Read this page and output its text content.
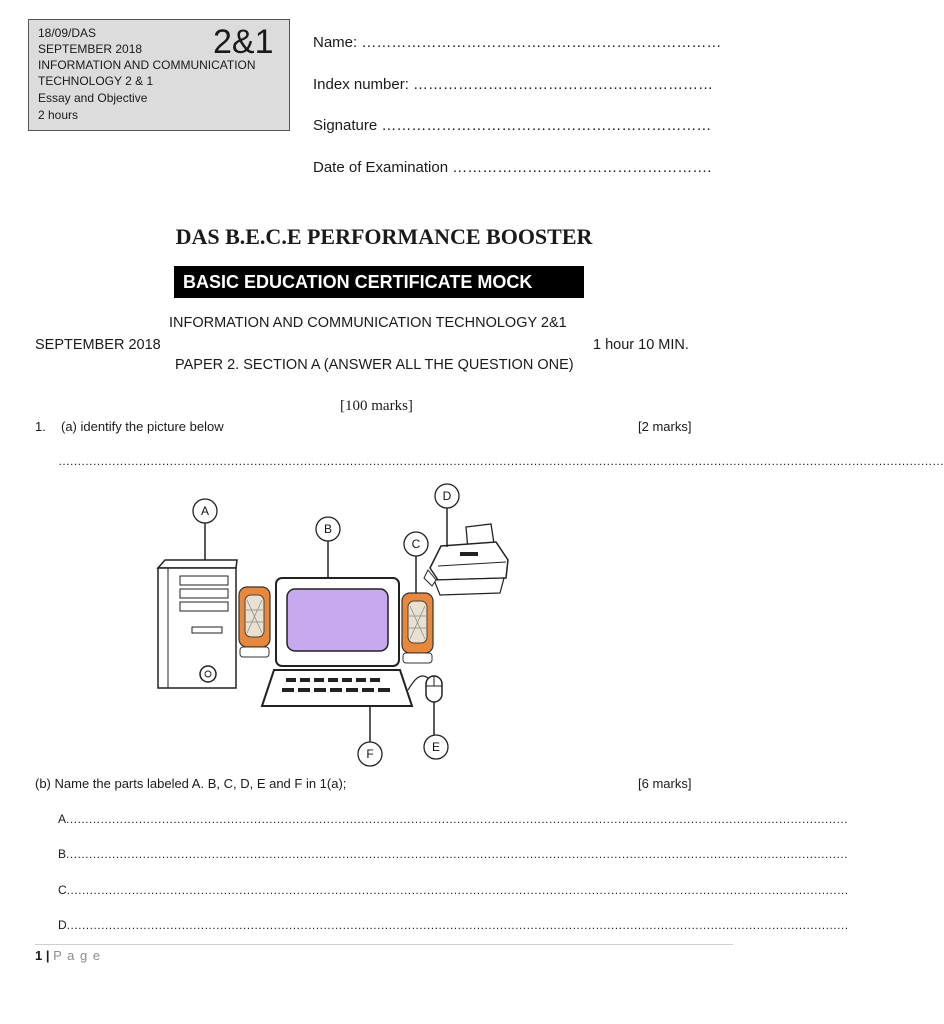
18/09/DAS
SEPTEMBER 2018
INFORMATION AND COMMUNICATION
TECHNOLOGY 2 & 1
Essay and Objective
2 hours
2&1	Name: ………………………………………………………………
Index number: ……………………………………………………
Signature …………………………………………………………
Date of Examination …………………………………………….
DAS B.E.C.E PERFORMANCE BOOSTER
BASIC EDUCATION CERTIFICATE MOCK
INFORMATION AND COMMUNICATION TECHNOLOGY 2&1
SEPTEMBER 2018	1 hour 10 MIN.
PAPER 2. SECTION A (ANSWER ALL THE QUESTION ONE)
[100 marks]
1. (a) identify the picture below	[2 marks]
……………………………………………………………………………………………………………………………………………………………………………………………………………
A
B
C
D
E
F
(b) Name the parts labeled A. B, C, D, E and F in 1(a);	[6 marks]
A……………………………………………………………………………………………………………………………………………………………………………………
B……………………………………………………………………………………………………………………………………………………………………………………
C……………………………………………………………………………………………………………………………………………………………………………………
D……………………………………………………………………………………………………………………………………………………………………………………
1 | P a g e
